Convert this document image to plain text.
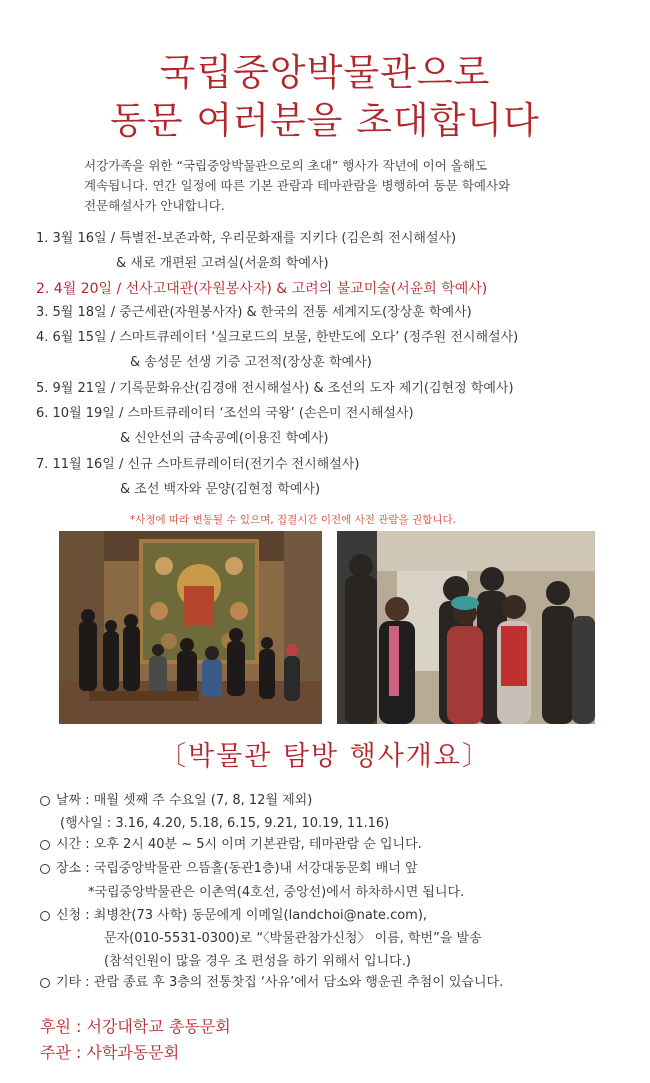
국립중앙박물관으로
동문 여러분을 초대합니다
서강가족을 위한 “국립중앙박물관으로의 초대” 행사가 작년에 이어 올해도
계속됩니다. 연간 일정에 따른 기본 관람과 테마관람을 병행하여 동문 학예사와
전문해설사가 안내합니다.
1. 3월 16일 / 특별전-보존과학, 우리문화재를 지키다 (김은희 전시해설사)
& 새로 개편된 고려실(서윤희 학예사)
2. 4월 20일 / 선사고대관(자원봉사자) & 고려의 불교미술(서윤희 학예사)
3. 5월 18일 / 중근세관(자원봉사자) & 한국의 전통 세계지도(장상훈 학예사)
4. 6월 15일 / 스마트큐레이터 ‘실크로드의 보물, 한반도에 오다’ (정주원 전시해설사)
& 송성문 선생 기증 고전적(장상훈 학예사)
5. 9월 21일 / 기록문화유산(김경애 전시해설사) & 조선의 도자 제기(김현정 학예사)
6. 10월 19일 / 스마트큐레이터 ‘조선의 국왕’ (손은미 전시해설사)
& 신안선의 금속공예(이용진 학예사)
7. 11월 16일 / 신규 스마트큐레이터(전기수 전시해설사)
& 조선 백자와 문양(김현정 학예사)
*사정에 따라 변동될 수 있으며, 집결시간 이전에 사전 관람을 권합니다.
〔박물관 탐방 행사개요〕
날짜 : 매월 셋째 주 수요일 (7, 8, 12월 제외)
(행사일 : 3.16, 4.20, 5.18, 6.15, 9.21, 10.19, 11.16)
시간 : 오후 2시 40분 ~ 5시 이며 기본관람, 테마관람 순 입니다.
장소 : 국립중앙박물관 으뜸홀(동관1층)내 서강대동문회 배너 앞
*국립중앙박물관은 이촌역(4호선, 중앙선)에서 하차하시면 됩니다.
신청 : 최병찬(73 사학) 동문에게 이메일(landchoi@nate.com),
문자(010-5531-0300)로 “〈박물관참가신청〉 이름, 학번”을 발송
(참석인원이 많을 경우 조 편성을 하기 위해서 입니다.)
기타 : 관람 종료 후 3층의 전통찻집 ‘사유’에서 담소와 행운권 추첨이 있습니다.
후원 : 서강대학교 총동문회
주관 : 사학과동문회
